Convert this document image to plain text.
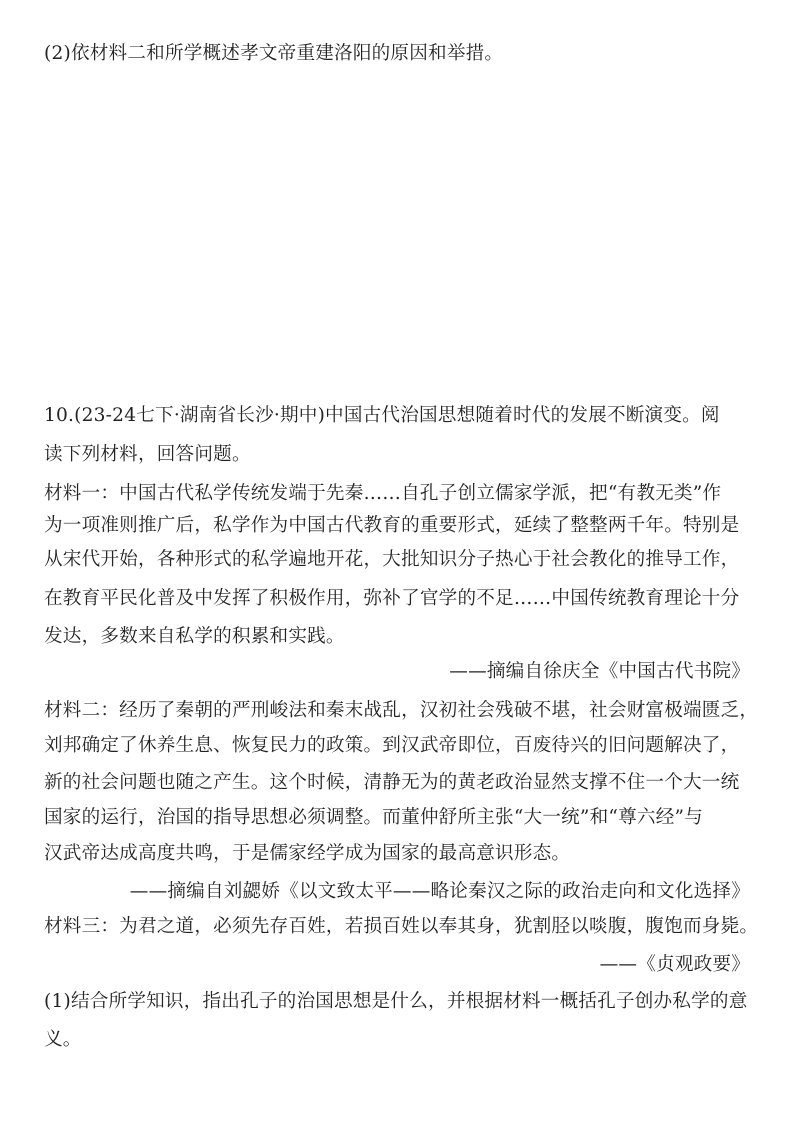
(2)依材料二和所学概述孝文帝重建洛阳的原因和举措。
10.(23-24七下·湖南省长沙·期中)中国古代治国思想随着时代的发展不断演变。阅
读下列材料，回答问题。
材料一：中国古代私学传统发端于先秦……自孔子创立儒家学派，把“有教无类”作
为一项准则推广后，私学作为中国古代教育的重要形式，延续了整整两千年。特别是
从宋代开始，各种形式的私学遍地开花，大批知识分子热心于社会教化的推导工作，
在教育平民化普及中发挥了积极作用，弥补了官学的不足……中国传统教育理论十分
发达，多数来自私学的积累和实践。
——摘编自徐庆全《中国古代书院》
材料二：经历了秦朝的严刑峻法和秦末战乱，汉初社会残破不堪，社会财富极端匮乏，
刘邦确定了休养生息、恢复民力的政策。到汉武帝即位，百废待兴的旧问题解决了，
新的社会问题也随之产生。这个时候，清静无为的黄老政治显然支撑不住一个大一统
国家的运行，治国的指导思想必须调整。而董仲舒所主张“大一统”和“尊六经”与
汉武帝达成高度共鸣，于是儒家经学成为国家的最高意识形态。
——摘编自刘勰娇《以文致太平——略论秦汉之际的政治走向和文化选择》
材料三：为君之道，必须先存百姓，若损百姓以奉其身，犹割胫以啖腹，腹饱而身毙。
——《贞观政要》
(1)结合所学知识，指出孔子的治国思想是什么，并根据材料一概括孔子创办私学的意
义。
